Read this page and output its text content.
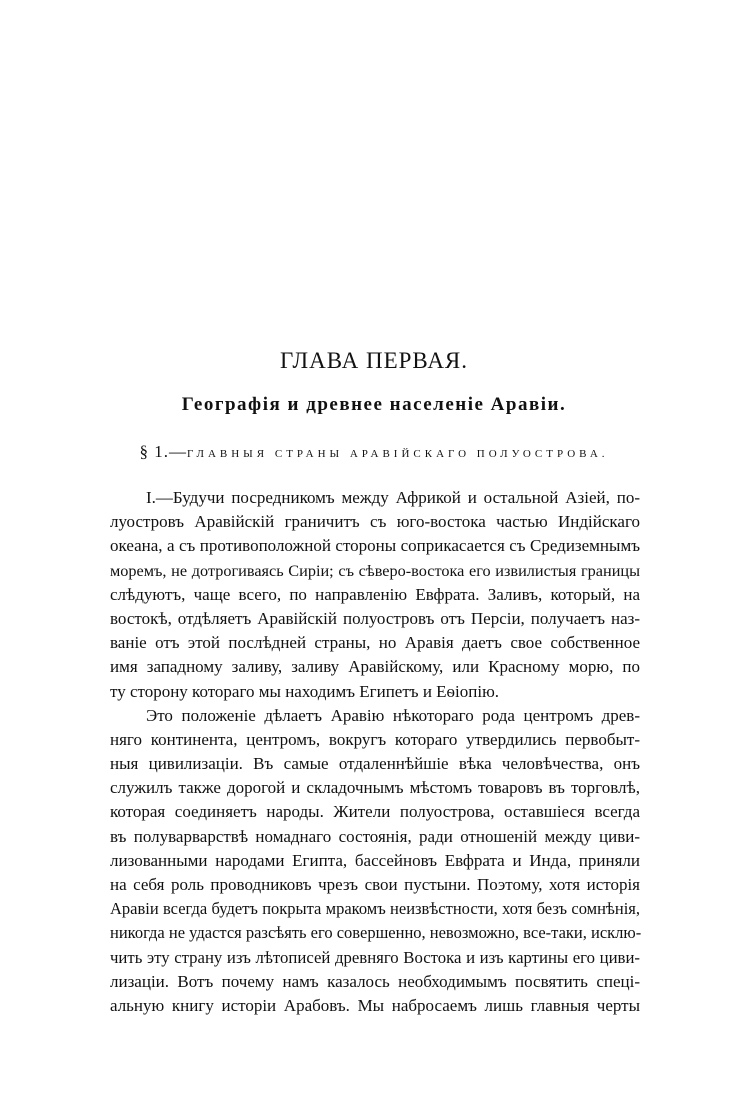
ГЛАВА ПЕРВАЯ.
Географія и древнее населеніе Аравіи.
§ 1.—ГЛАВНЫЯ СТРАНЫ АРАВІЙСКАГО ПОЛУОСТРОВА.
I.—Будучи посредникомъ между Африкой и остальной Азіей, по-
луостровъ Аравійскій граничитъ съ юго-востока частью Индійскаго
океана, а съ противоположной стороны соприкасается съ Средиземнымъ
моремъ, не дотрогиваясь Сиріи; съ сѣверо-востока его извилистыя границы
слѣдуютъ, чаще всего, по направленію Евфрата. Заливъ, который, на
востокѣ, отдѣляетъ Аравійскій полуостровъ отъ Персіи, получаетъ наз-
ваніе отъ этой послѣдней страны, но Аравія даетъ свое собственное
имя западному заливу, заливу Аравійскому, или Красному морю, по
ту сторону котораго мы находимъ Египетъ и Еѳіопію.
Это положеніе дѣлаетъ Аравію нѣкотораго рода центромъ древ-
няго континента, центромъ, вокругъ котораго утвердились первобыт-
ныя цивилизаціи. Въ самые отдаленнѣйшіе вѣка человѣчества, онъ
служилъ также дорогой и складочнымъ мѣстомъ товаровъ въ торговлѣ,
которая соединяетъ народы. Жители полуострова, оставшіеся всегда
въ полуварварствѣ номаднаго состоянія, ради отношеній между циви-
лизованными народами Египта, бассейновъ Евфрата и Инда, приняли
на себя роль проводниковъ чрезъ свои пустыни. Поэтому, хотя исторія
Аравіи всегда будетъ покрыта мракомъ неизвѣстности, хотя безъ сомнѣнія,
никогда не удастся разсѣять его совершенно, невозможно, все-таки, исклю-
чить эту страну изъ лѣтописей древняго Востока и изъ картины его циви-
лизаціи. Вотъ почему намъ казалось необходимымъ посвятить спеці-
альную книгу исторіи Арабовъ. Мы набросаемъ лишь главныя черты
